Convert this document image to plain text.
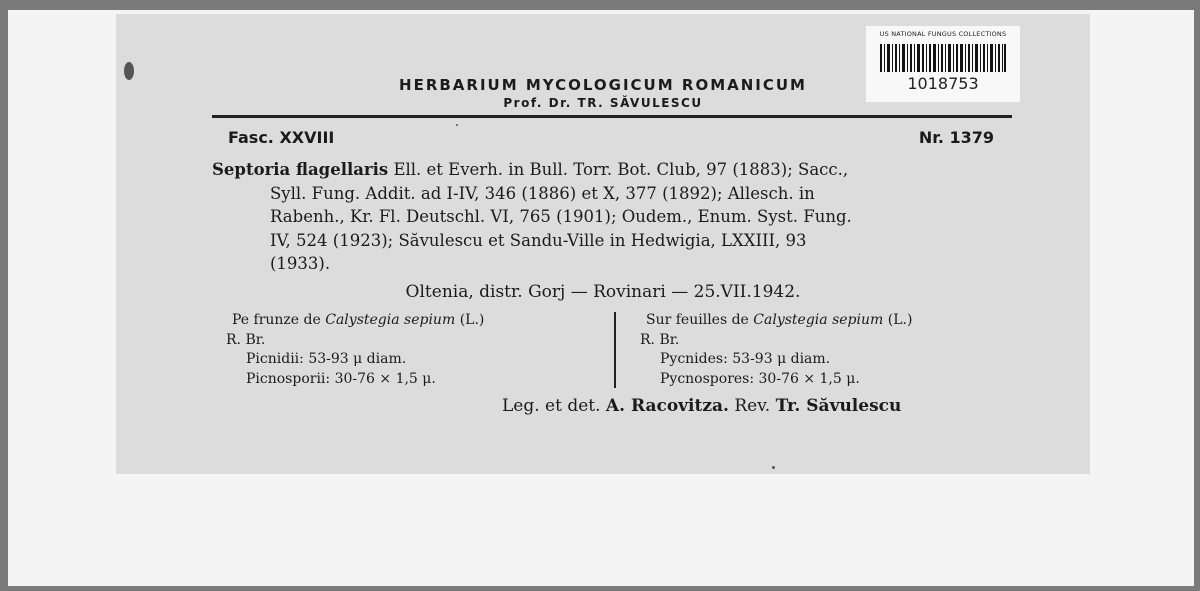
HERBARIUM MYCOLOGICUM ROMANICUM
Prof. Dr. TR. SĂVULESCU
Fasc. XXVIII	Nr. 1379
Septoria flagellaris Ell. et Everh. in Bull. Torr. Bot. Club, 97 (1883); Sacc.,
Syll. Fung. Addit. ad I-IV, 346 (1886) et X, 377 (1892); Allesch. in
Rabenh., Kr. Fl. Deutschl. VI, 765 (1901); Oudem., Enum. Syst. Fung.
IV, 524 (1923); Săvulescu et Sandu-Ville in Hedwigia, LXXIII, 93
(1933).
Oltenia, distr. Gorj — Rovinari — 25.VII.1942.
Pe frunze de Calystegia sepium (L.)
R. Br.
Picnidii: 53-93 μ diam.
Picnosporii: 30-76 × 1,5 μ.
Sur feuilles de Calystegia sepium (L.)
R. Br.
Pycnides: 53-93 μ diam.
Pycnospores: 30-76 × 1,5 μ.
Leg. et det. A. Racovitza. Rev. Tr. Săvulescu
US NATIONAL FUNGUS COLLECTIONS
1018753
